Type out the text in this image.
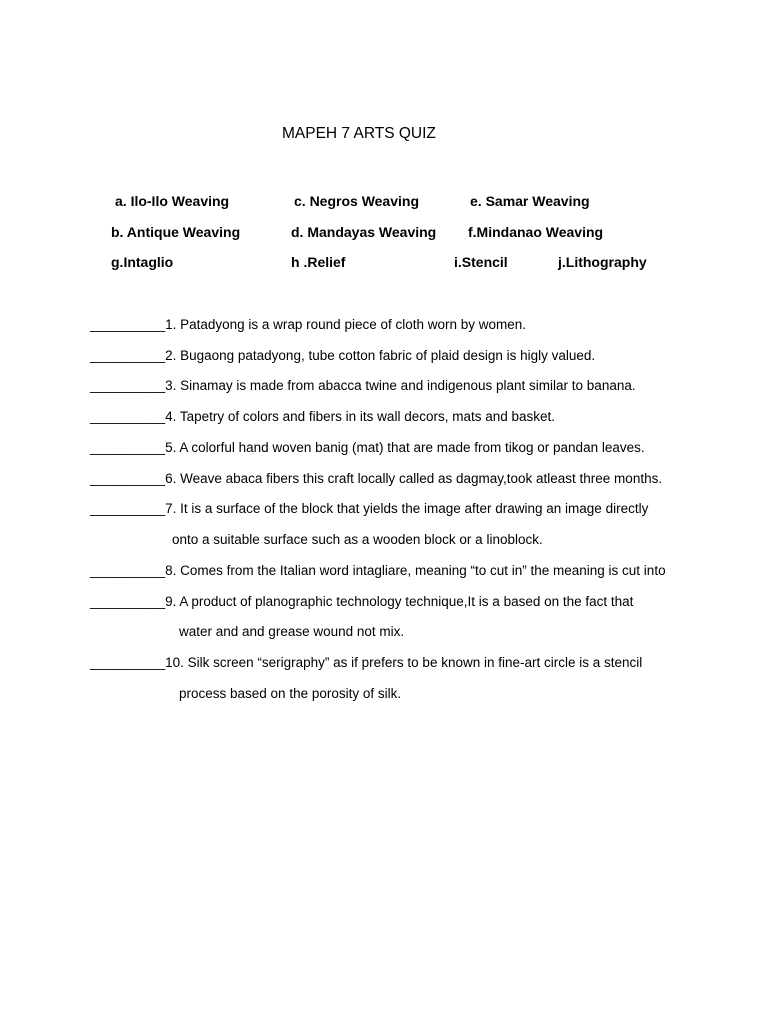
MAPEH 7 ARTS QUIZ
a. Ilo-Ilo Weaving	c. Negros Weaving	e. Samar Weaving
b. Antique Weaving	d. Mandayas Weaving f.Mindanao Weaving
g.Intaglio	h .Relief	i.Stencil	j.Lithography
__________1. Patadyong is a wrap round piece of cloth worn by women.
__________2. Bugaong patadyong, tube cotton fabric of plaid design is higly valued.
__________3. Sinamay is made from abacca twine and indigenous plant similar to banana.
__________4. Tapetry of colors and fibers in its wall decors, mats and basket.
__________5. A colorful hand woven banig (mat) that are made from tikog or pandan leaves.
__________6. Weave abaca fibers this craft locally called as dagmay,took atleast three months.
__________7. It is a surface of the block that yields the image after drawing an image directly
onto a suitable surface such as a wooden block or a linoblock.
__________8. Comes from the Italian word intagliare, meaning “to cut in” the meaning is cut into
__________9. A product of planographic technology technique,It is a based on the fact that
water and and grease wound not mix.
__________10. Silk screen “serigraphy” as if prefers to be known in fine-art circle is a stencil
process based on the porosity of silk.
